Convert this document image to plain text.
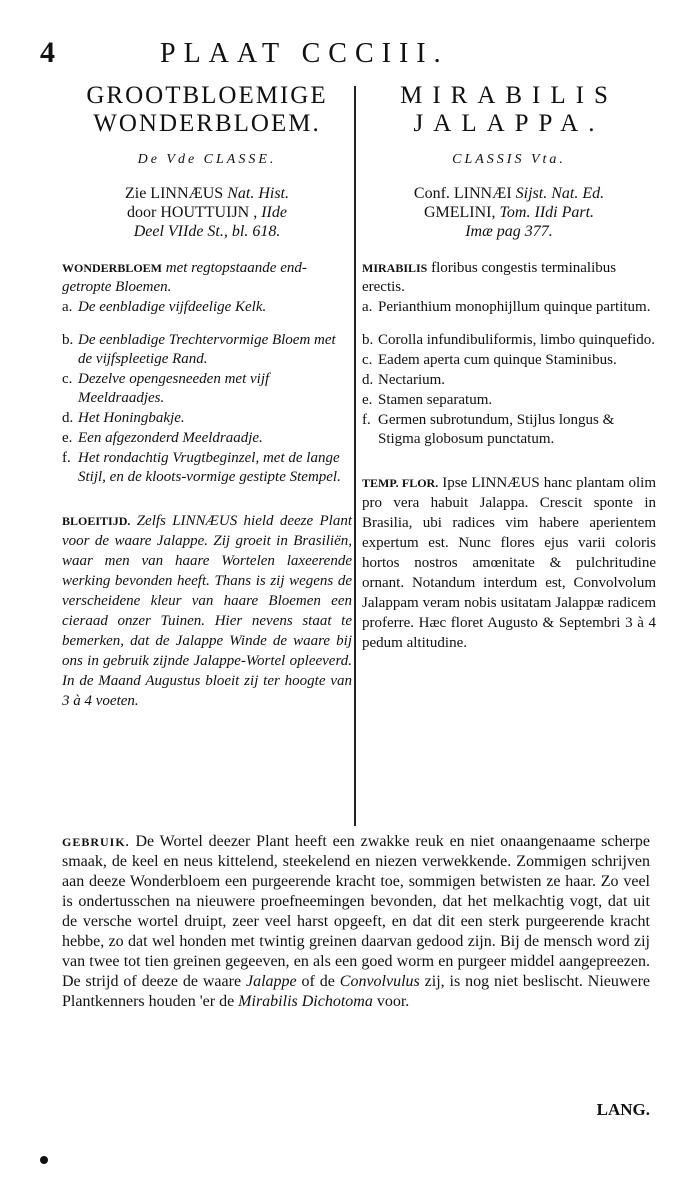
4	PLAAT CCCIII.
GROOTBLOEMIGE
WONDERBLOEM.
De Vde CLASSE.
Zie LINNÆUS Nat. Hist.
door HOUTTUIJN , IIde
Deel VIIde St., bl. 618.
WONDERBLOEM met regtopstaande end-getropte Bloemen.
a. De eenbladige vijfdeelige Kelk.
b. De eenbladige Trechtervormige Bloem met de vijfspleetige Rand.
c. Dezelve opengesneeden met vijf Meeldraadjes.
d. Het Honingbakje.
e. Een afgezonderd Meeldraadje.
f. Het rondachtig Vrugtbeginzel, met de lange Stijl, en de kloots-vormige gestipte Stempel.
BLOEITIJD. Zelfs LINNÆUS hield deeze Plant voor de waare Jalappe. Zij groeit in Brasiliën, waar men van haare Wortelen laxeerende werking bevonden heeft. Thans is zij wegens de verscheidene kleur van haare Bloemen een cieraad onzer Tuinen. Hier nevens staat te bemerken, dat de Jalappe Winde de waare bij ons in gebruik zijnde Jalappe-Wortel opleeverd. In de Maand Augustus bloeit zij ter hoogte van 3 à 4 voeten.
MIRABILIS
JALAPPA.
CLASSIS Vta.
Conf. LINNÆI Sijst. Nat. Ed.
GMELINI, Tom. IIdi Part.
Imæ pag 377.
MIRABILIS floribus congestis terminalibus erectis.
a. Perianthium monophijllum quinque partitum.
b. Corolla infundibuliformis, limbo quinquefido.
c. Eadem aperta cum quinque Staminibus.
d. Nectarium.
e. Stamen separatum.
f. Germen subrotundum, Stijlus longus & Stigma globosum punctatum.
TEMP. FLOR. Ipse LINNÆUS hanc plantam olim pro vera habuit Jalappa. Crescit sponte in Brasilia, ubi radices vim habere aperientem expertum est. Nunc flores ejus varii coloris hortos nostros amœnitate & pulchritudine ornant. Notandum interdum est, Convolvolum Jalappam veram nobis usitatam Jalappæ radicem proferre. Hæc floret Augusto & Septembri 3 à 4 pedum altitudine.
GEBRUIK. De Wortel deezer Plant heeft een zwakke reuk en niet onaangenaame scherpe smaak, de keel en neus kittelend, steekelend en niezen verwekkende. Zommigen schrijven aan deeze Wonderbloem een purgeerende kracht toe, sommigen betwisten ze haar. Zo veel is ondertusschen na nieuwere proefneemingen bevonden, dat het melkachtig vogt, dat uit de versche wortel druipt, zeer veel harst opgeeft, en dat dit een sterk purgeerende kracht hebbe, zo dat wel honden met twintig greinen daarvan gedood zijn. Bij de mensch word zij van twee tot tien greinen gegeeven, en als een goed worm en purgeer middel aangepreezen. De strijd of deeze de waare Jalappe of de Convolvulus zij, is nog niet beslischt. Nieuwere Plantkenners houden 'er de Mirabilis Dichotoma voor.
LANG.
